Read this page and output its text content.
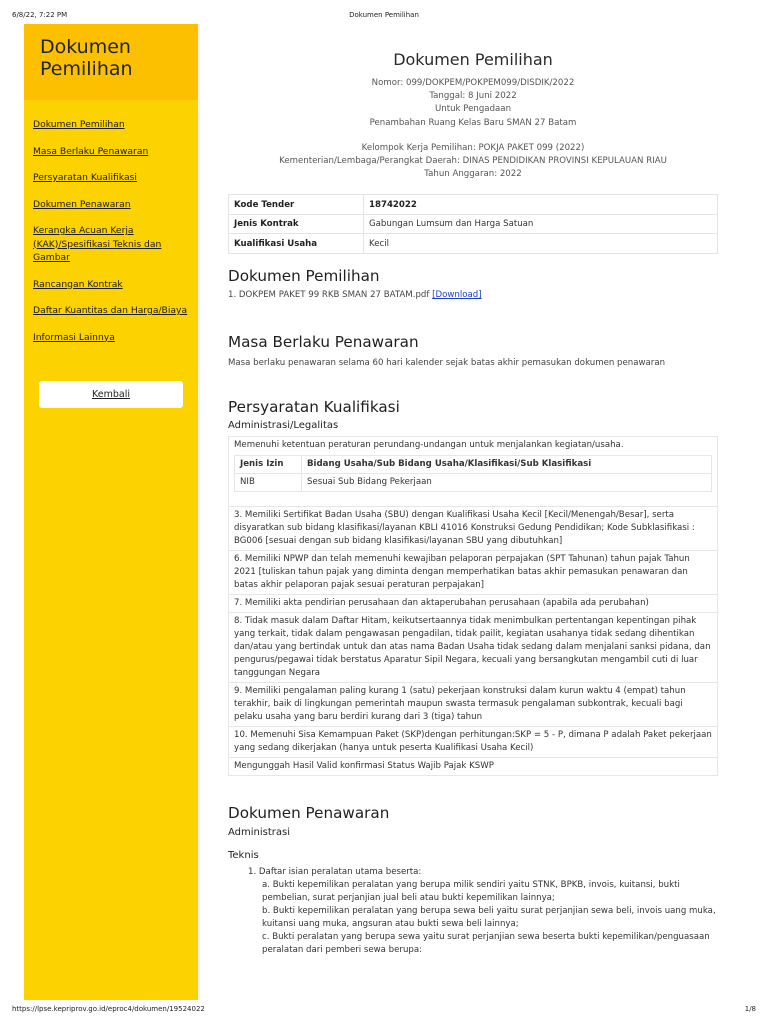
6/8/22, 7:22 PM	Dokumen Pemilihan
Dokumen Pemilihan
Dokumen Pemilihan
Masa Berlaku Penawaran
Persyaratan Kualifikasi
Dokumen Penawaran
Kerangka Acuan Kerja (KAK)/Spesifikasi Teknis dan Gambar
Rancangan Kontrak
Daftar Kuantitas dan Harga/Biaya
Informasi Lainnya
Kembali
Dokumen Pemilihan
Nomor: 099/DOKPEM/POKPEM099/DISDIK/2022
Tanggal: 8 Juni 2022
Untuk Pengadaan
Penambahan Ruang Kelas Baru SMAN 27 Batam
Kelompok Kerja Pemilihan: POKJA PAKET 099 (2022)
Kementerian/Lembaga/Perangkat Daerah: DINAS PENDIDIKAN PROVINSI KEPULAUAN RIAU
Tahun Anggaran: 2022
Kode Tender	18742022
Jenis Kontrak	Gabungan Lumsum dan Harga Satuan
Kualifikasi Usaha	Kecil
Dokumen Pemilihan
1. DOKPEM PAKET 99 RKB SMAN 27 BATAM.pdf [Download]
Masa Berlaku Penawaran
Masa berlaku penawaran selama 60 hari kalender sejak batas akhir pemasukan dokumen penawaran
Persyaratan Kualifikasi
Administrasi/Legalitas
Memenuhi ketentuan peraturan perundang-undangan untuk menjalankan kegiatan/usaha.
Jenis Izin	Bidang Usaha/Sub Bidang Usaha/Klasifikasi/Sub Klasifikasi
NIB	Sesuai Sub Bidang Pekerjaan

3. Memiliki Sertifikat Badan Usaha (SBU) dengan Kualifikasi Usaha Kecil [Kecil/Menengah/Besar], serta disyaratkan sub bidang klasifikasi/layanan KBLI 41016 Konstruksi Gedung Pendidikan; Kode Subklasifikasi : BG006 [sesuai dengan sub bidang klasifikasi/layanan SBU yang dibutuhkan]
6. Memiliki NPWP dan telah memenuhi kewajiban pelaporan perpajakan (SPT Tahunan) tahun pajak Tahun 2021 [tuliskan tahun pajak yang diminta dengan memperhatikan batas akhir pemasukan penawaran dan batas akhir pelaporan pajak sesuai peraturan perpajakan]
7. Memiliki akta pendirian perusahaan dan aktaperubahan perusahaan (apabila ada perubahan)
8. Tidak masuk dalam Daftar Hitam, keikutsertaannya tidak menimbulkan pertentangan kepentingan pihak yang terkait, tidak dalam pengawasan pengadilan, tidak pailit, kegiatan usahanya tidak sedang dihentikan dan/atau yang bertindak untuk dan atas nama Badan Usaha tidak sedang dalam menjalani sanksi pidana, dan pengurus/pegawai tidak berstatus Aparatur Sipil Negara, kecuali yang bersangkutan mengambil cuti di luar tanggungan Negara
9. Memiliki pengalaman paling kurang 1 (satu) pekerjaan konstruksi dalam kurun waktu 4 (empat) tahun terakhir, baik di lingkungan pemerintah maupun swasta termasuk pengalaman subkontrak, kecuali bagi pelaku usaha yang baru berdiri kurang dari 3 (tiga) tahun
10. Memenuhi Sisa Kemampuan Paket (SKP)dengan perhitungan:SKP = 5 - P, dimana P adalah Paket pekerjaan yang sedang dikerjakan (hanya untuk peserta Kualifikasi Usaha Kecil)
Mengunggah Hasil Valid konfirmasi Status Wajib Pajak KSWP
Dokumen Penawaran
Administrasi
Teknis
1. Daftar isian peralatan utama beserta:
a. Bukti kepemilikan peralatan yang berupa milik sendiri yaitu STNK, BPKB, invois, kuitansi, bukti pembelian, surat perjanjian jual beli atau bukti kepemilikan lainnya;
b. Bukti kepemilikan peralatan yang berupa sewa beli yaitu surat perjanjian sewa beli, invois uang muka, kuitansi uang muka, angsuran atau bukti sewa beli lainnya;
c. Bukti peralatan yang berupa sewa yaitu surat perjanjian sewa beserta bukti kepemilikan/penguasaan peralatan dari pemberi sewa berupa:
https://lpse.kepriprov.go.id/eproc4/dokumen/19524022	1/8
